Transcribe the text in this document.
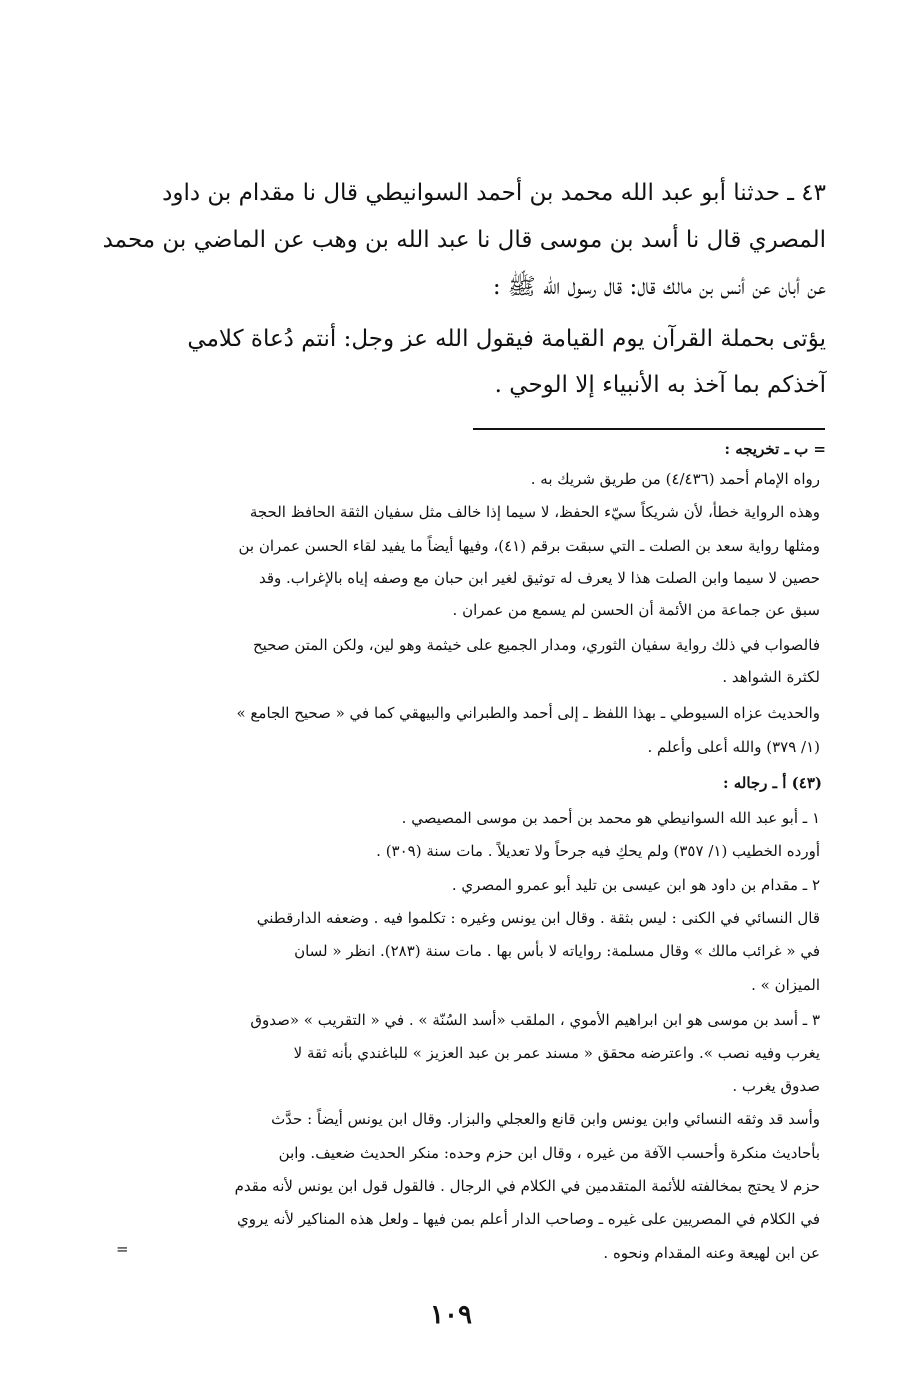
٤٣ ـ حدثنا أبو عبد الله محمد بن أحمد السوانيطي قال نا مقدام بن داود
المصري قال نا أسد بن موسى قال نا عبد الله بن وهب عن الماضي بن محمد
عن أبان عن أنس بن مالك قال: قال رسول الله ﷺ :
يؤتى بحملة القرآن يوم القيامة فيقول الله عز وجل: أنتم دُعاة كلامي
آخذكم بما آخذ به الأنبياء إلا الوحي .
= ب ـ تخريجه :
رواه الإمام أحمد (٤/٤٣٦) من طريق شريك به .
وهذه الرواية خطأ، لأن شريكاً سيّء الحفظ، لا سيما إذا خالف مثل سفيان الثقة الحافظ الحجة
ومثلها رواية سعد بن الصلت ـ التي سبقت برقم (٤١)، وفيها أيضاً ما يفيد لقاء الحسن عمران بن
حصين لا سيما وابن الصلت هذا لا يعرف له توثيق لغير ابن حبان مع وصفه إياه بالإغراب. وقد
سبق عن جماعة من الأئمة أن الحسن لم يسمع من عمران .
فالصواب في ذلك رواية سفيان الثوري، ومدار الجميع على خيثمة وهو لين، ولكن المتن صحيح
لكثرة الشواهد .
والحديث عزاه السيوطي ـ بهذا اللفظ ـ إلى أحمد والطبراني والبيهقي كما في « صحيح الجامع »
(١/ ٣٧٩) والله أعلى وأعلم .
(٤٣) أ ـ رجاله :
١ ـ أبو عبد الله السوانيطي هو محمد بن أحمد بن موسى المصيصي .
أورده الخطيب (١/ ٣٥٧) ولم يحكِ فيه جرحاً ولا تعديلاً . مات سنة (٣٠٩) .
٢ ـ مقدام بن داود هو ابن عيسى بن تليد أبو عمرو المصري .
قال النسائي في الكنى : ليس بثقة . وقال ابن يونس وغيره : تكلموا فيه . وضعفه الدارقطني
في « غرائب مالك » وقال مسلمة: رواياته لا بأس بها . مات سنة (٢٨٣). انظر « لسان
الميزان » .
٣ ـ أسد بن موسى هو ابن ابراهيم الأموي ، الملقب «أسد السُنّة » . في « التقريب » «صدوق
يغرب وفيه نصب ». واعترضه محقق « مسند عمر بن عبد العزيز » للباغندي بأنه ثقة لا
صدوق يغرب .
وأسد قد وثقه النسائي وابن يونس وابن قانع والعجلي والبزار. وقال ابن يونس أيضاً : حدَّث
بأحاديث منكرة وأحسب الآفة من غيره ، وقال ابن حزم وحده: منكر الحديث ضعيف. وابن
حزم لا يحتج بمخالفته للأئمة المتقدمين في الكلام في الرجال . فالقول قول ابن يونس لأنه مقدم
في الكلام في المصريين على غيره ـ وصاحب الدار أعلم بمن فيها ـ ولعل هذه المناكير لأنه يروي
عن ابن لهيعة وعنه المقدام ونحوه .
=
١٠٩
